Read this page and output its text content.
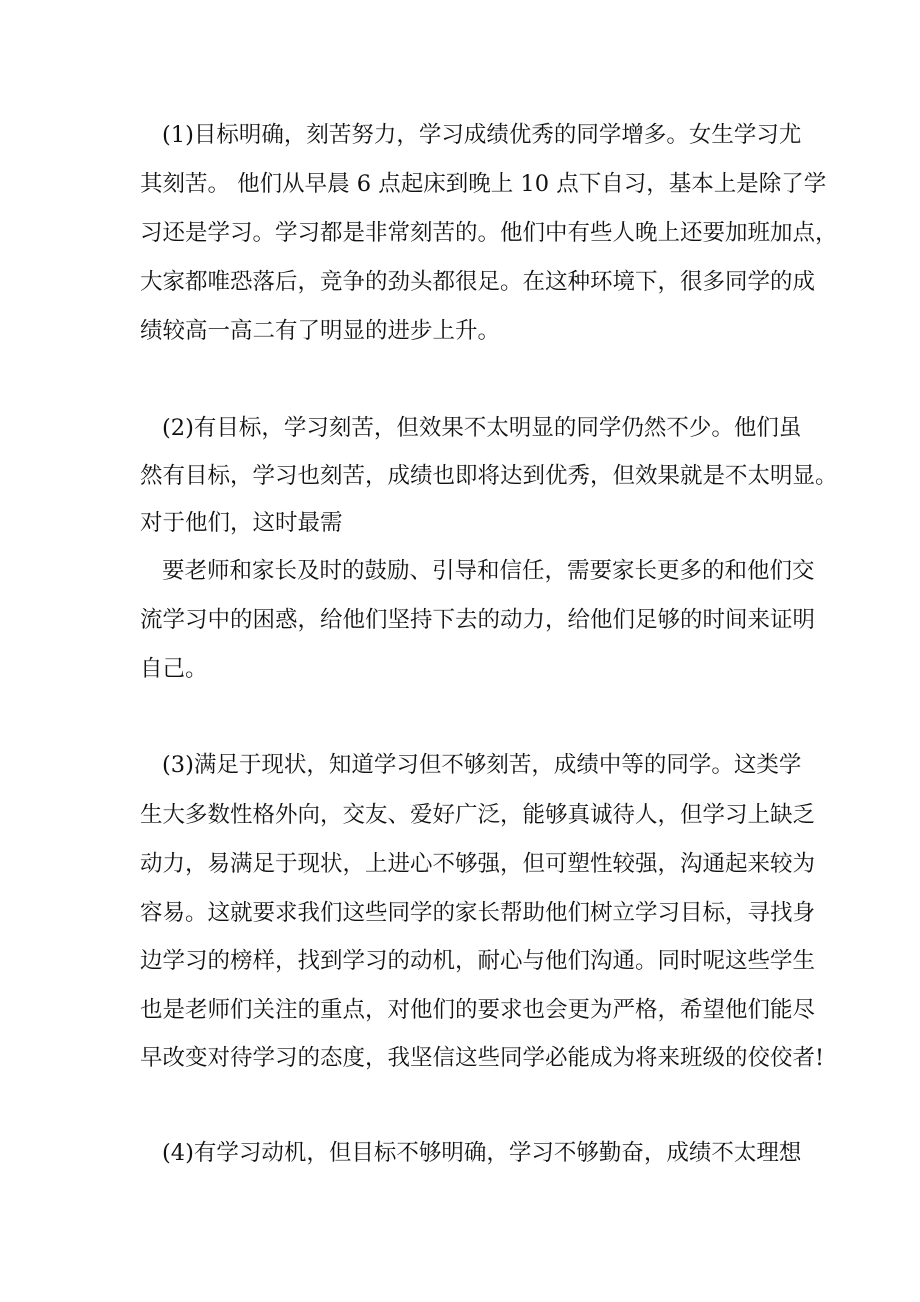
(1)目标明确，刻苦努力，学习成绩优秀的同学增多。女生学习尤
其刻苦。 他们从早晨 6 点起床到晚上 10 点下自习，基本上是除了学
习还是学习。学习都是非常刻苦的。他们中有些人晚上还要加班加点，
大家都唯恐落后，竞争的劲头都很足。在这种环境下，很多同学的成
绩较高一高二有了明显的进步上升。
(2)有目标，学习刻苦，但效果不太明显的同学仍然不少。他们虽
然有目标，学习也刻苦，成绩也即将达到优秀，但效果就是不太明显。
对于他们，这时最需
要老师和家长及时的鼓励、引导和信任，需要家长更多的和他们交
流学习中的困惑，给他们坚持下去的动力，给他们足够的时间来证明
自己。
(3)满足于现状，知道学习但不够刻苦，成绩中等的同学。这类学
生大多数性格外向，交友、爱好广泛，能够真诚待人，但学习上缺乏
动力，易满足于现状，上进心不够强，但可塑性较强，沟通起来较为
容易。这就要求我们这些同学的家长帮助他们树立学习目标，寻找身
边学习的榜样，找到学习的动机，耐心与他们沟通。同时呢这些学生
也是老师们关注的重点，对他们的要求也会更为严格，希望他们能尽
早改变对待学习的态度，我坚信这些同学必能成为将来班级的佼佼者!
(4)有学习动机，但目标不够明确，学习不够勤奋，成绩不太理想
